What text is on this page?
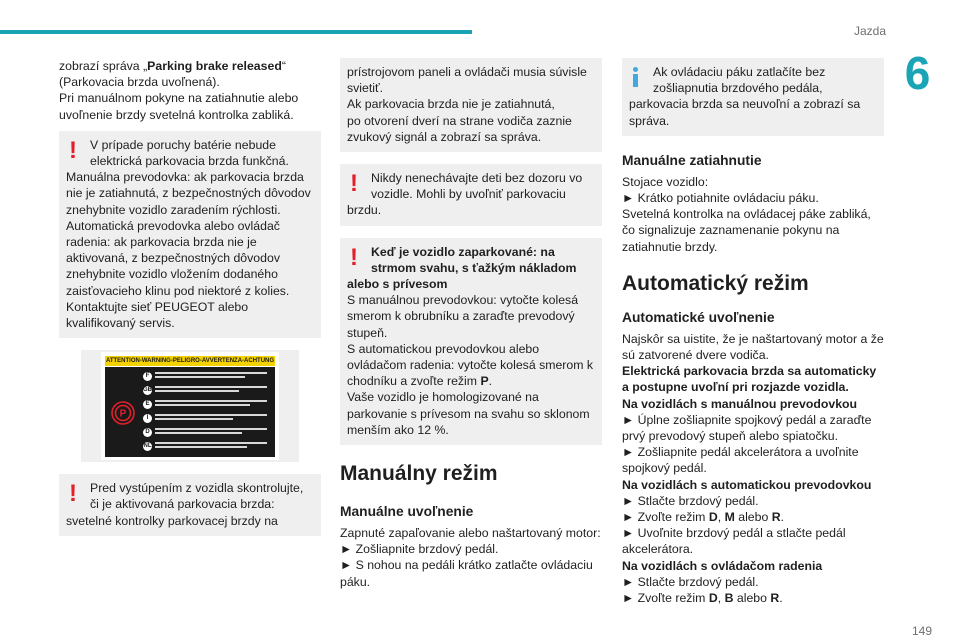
Jazda
6

zobrazí správa „Parking brake released“

(Parkovacia brzda uvoľnená).

Pri manuálnom pokyne na zatiahnutie alebo uvoľnenie brzdy svetelná kontrolka zabliká.

!	V prípade poruchy batérie nebude elektrická parkovacia brzda funkčná.

Manuálna prevodovka: ak parkovacia brzda nie je zatiahnutá, z bezpečnostných dôvodov znehybnite vozidlo zaradením rýchlosti.

Automatická prevodovka alebo ovládač radenia: ak parkovacia brzda nie je aktivovaná, z bezpečnostných dôvodov znehybnite vozidlo vložením dodaného zaisťovacieho klinu pod niektoré z kolies.

Kontaktujte sieť PEUGEOT alebo kvalifikovaný servis.

ATTENTION-WARNING-PELIGRO-AVVERTENZA-ACHTUNG
P
F
GB
E
I
D
NL
!	Pred vystúpením z vozidla skontrolujte, či je aktivovaná parkovacia brzda:

svetelné kontrolky parkovacej brzdy na

prístrojovom paneli a ovládači musia súvisle svietiť.

Ak parkovacia brzda nie je zatiahnutá,

po otvorení dverí na strane vodiča zaznie zvukový signál a zobrazí sa správa.

!	Nikdy nenechávajte deti bez dozoru vo vozidle. Mohli by uvoľniť parkovaciu

brzdu.

!	Keď je vozidlo zaparkované: na strmom svahu, s ťažkým nákladom

alebo s prívesom

S manuálnou prevodovkou: vytočte kolesá smerom k obrubníku a zaraďte prevodový stupeň.

S automatickou prevodovkou alebo ovládačom radenia: vytočte kolesá smerom k chodníku a zvoľte režim P.

Vaše vozidlo je homologizované na parkovanie s prívesom na svahu so sklonom menším ako 12 %.

Manuálny režim
Manuálne uvoľnenie

Zapnuté zapaľovanie alebo naštartovaný motor:

► Zošliapnite brzdový pedál.

► S nohou na pedáli krátko zatlačte ovládaciu páku.

Ak ovládaciu páku zatlačíte bez zošliapnutia brzdového pedála,

parkovacia brzda sa neuvoľní a zobrazí sa správa.

Manuálne zatiahnutie

Stojace vozidlo:

► Krátko potiahnite ovládaciu páku.

Svetelná kontrolka na ovládacej páke zabliká, čo signalizuje zaznamenanie pokynu na zatiahnutie brzdy.

Automatický režim
Automatické uvoľnenie

Najskôr sa uistite, že je naštartovaný motor a že sú zatvorené dvere vodiča.

Elektrická parkovacia brzda sa automaticky a postupne uvoľní pri rozjazde vozidla.

Na vozidlách s manuálnou prevodovkou

► Úplne zošliapnite spojkový pedál a zaraďte prvý prevodový stupeň alebo spiatočku.

► Zošliapnite pedál akcelerátora a uvoľnite spojkový pedál.

Na vozidlách s automatickou prevodovkou

► Stlačte brzdový pedál.

► Zvoľte režim D, M alebo R.

► Uvoľnite brzdový pedál a stlačte pedál akcelerátora.

Na vozidlách s ovládačom radenia

► Stlačte brzdový pedál.

► Zvoľte režim D, B alebo R.

149
